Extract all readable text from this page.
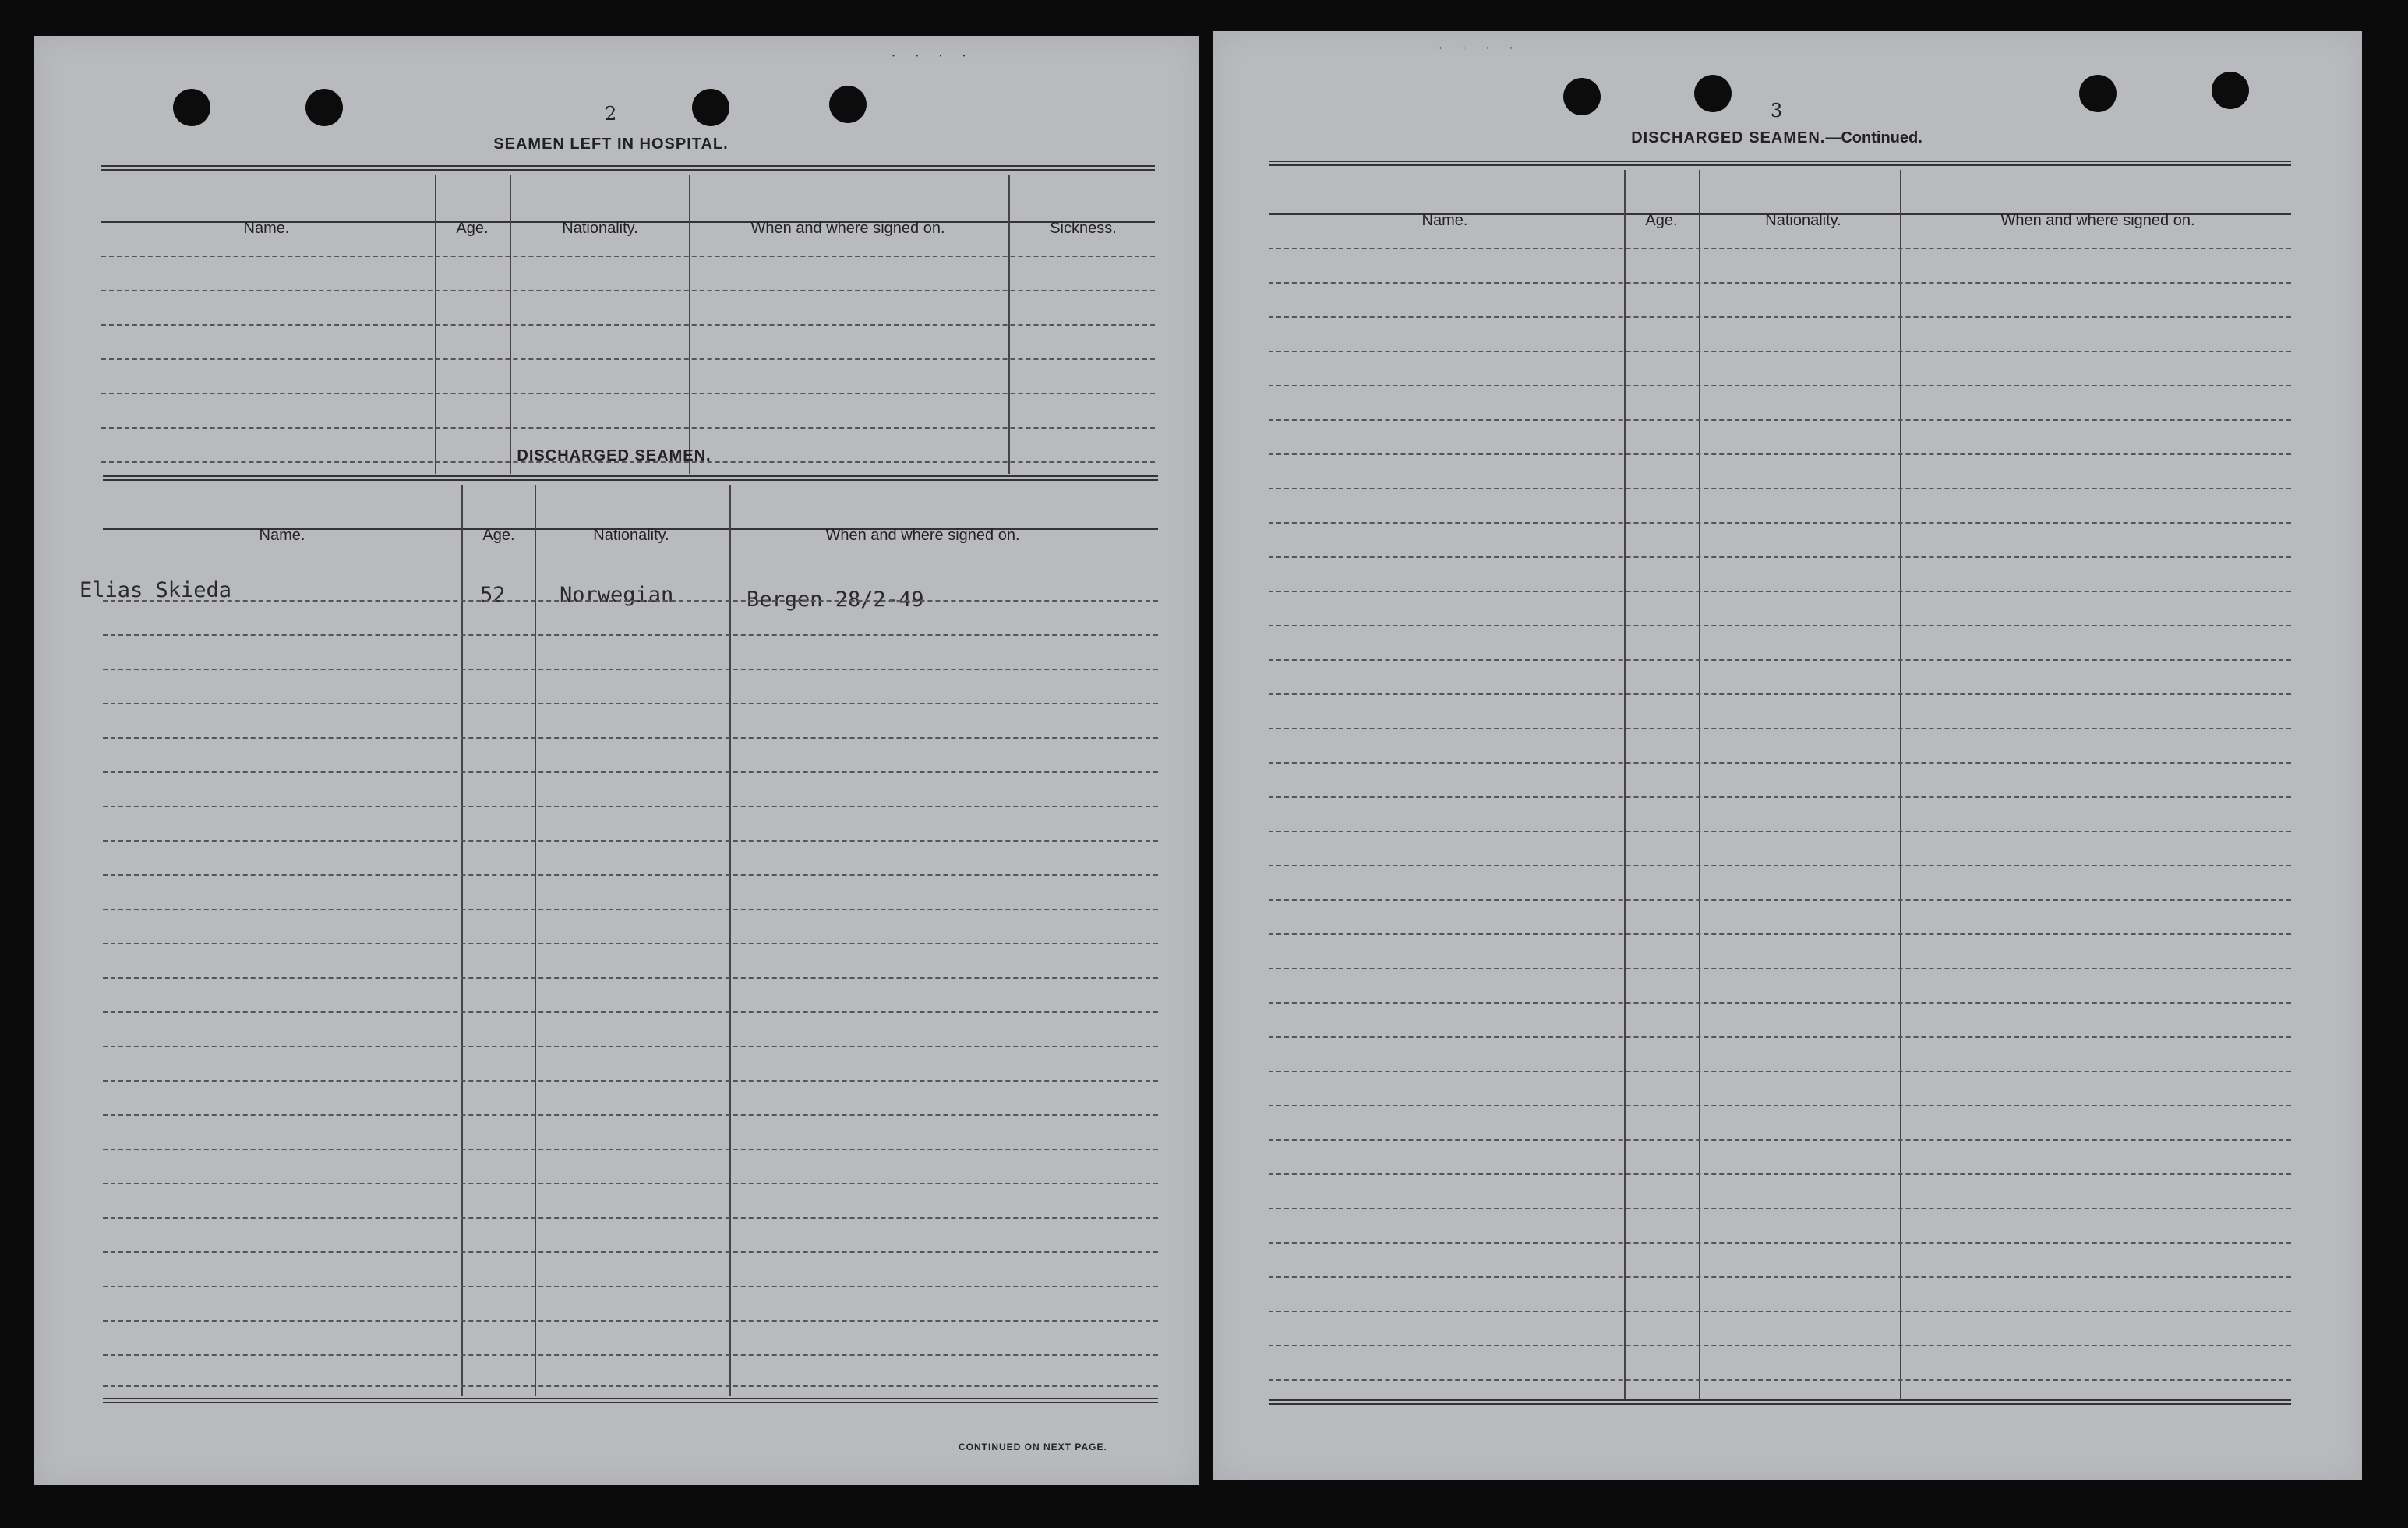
· · · ·
2
SEAMEN LEFT IN HOSPITAL.
Name.	Age.	Nationality.	When and where signed on.	Sickness.
DISCHARGED SEAMEN.
Name.	Age.	Nationality.	When and where signed on.
Elias Skieda	52	Norwegian	Bergen 28/2-49
CONTINUED ON NEXT PAGE.
· · · ·
3
DISCHARGED SEAMEN.—Continued.
Name.	Age.	Nationality.	When and where signed on.
